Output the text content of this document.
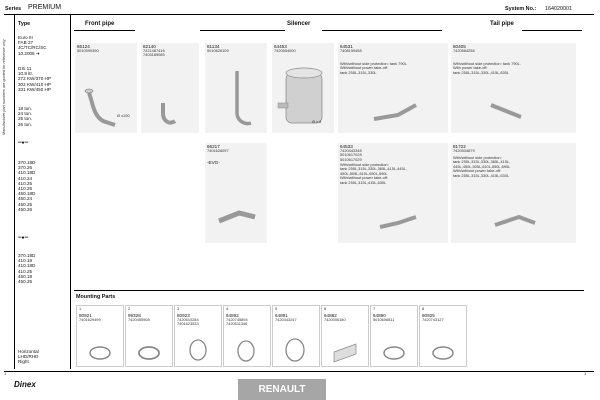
Series PREMIUM	System No.: 164020001
Manufacturer part numbers are quoted for reference only
Type
Euro III
FAB 27
JC/TC/RC/SC
10.2005 ➜
DXi 11
10.8 ltr.
272 KW/370 HP
302 KW/410 HP
331 KW/450 HP
18 ton.
24 ton.
25 ton.
26 ton.
═●═
370.18D
370.26
410.18D
410.24
410.25
410.26
450.18D
450.24
450.25
450.26
═●═
370.18D
410.18
410.18D
410.25
450.18
450.25
Horizontal
LHD/RHD
Right
Front pipe	Silencer	Tail pipe
66124
5010599390
Ø x100
82140
7421487416
7403189085
81134
5010626109
64453
7420554000
Ø x 8
64531
7408159458
With/without side protection: tank 790L
With/without power take-off:
tank 255L,315L,330L
80405
7420564258
With/without side protection: tank 790L.
With power take-off:
tank 255L,315L,330L,415L,630L
66217
7401626097
-EVG-
64533
7420443348
5010617028
5010617029
With/without side protection:
tank 255L,315L,330L,365L,415L,445L,
450L,505L,610L,650L,690L
With/without power take-off:
tank 255L,315L,415L,630L
81722
7420534879
With/without side protection:
tank 255L,315L,330L,365L,415L,
445L,450L,505L,610L,650L,690L
With/without power take-off:
tank 255L,315L,330L,415L,630L
Mounting Parts
1
80921
7401629499
2
99328
7420455908
3
80923
7420510284
7401623533
4
64892
7420745894
7420511346
5
64891
7420443247
6
64882
7420006180
7
64890
5010606811
8
80925
7420743127
1	1
Dinex	RENAULT
